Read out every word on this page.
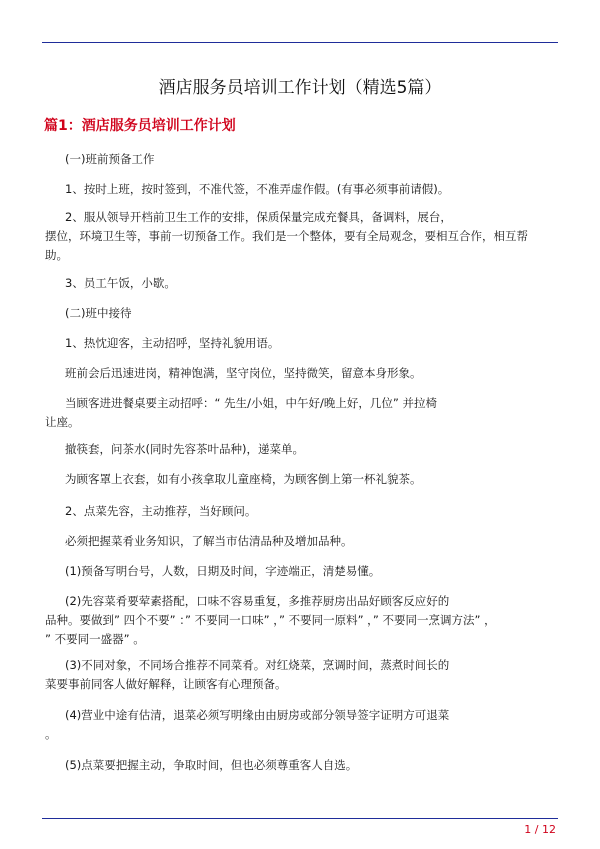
酒店服务员培训工作计划（精选5篇）
篇1：酒店服务员培训工作计划

(一)班前预备工作

1、按时上班，按时签到，不准代签，不准弄虚作假。(有事必须事前请假)。

2、服从领导开档前卫生工作的安排，保质保量完成充餐具，备调料，展台，
摆位，环境卫生等，事前一切预备工作。我们是一个整体，要有全局观念，要相互合作，相互帮
助。

3、员工午饭，小歇。

(二)班中接待

1、热忱迎客，主动招呼，坚持礼貌用语。

班前会后迅速进岗，精神饱满，坚守岗位，坚持微笑，留意本身形象。

当顾客进进餐桌要主动招呼：“ 先生/小姐，中午好/晚上好，几位” 并拉椅
让座。

撤筷套，问茶水(同时先容茶叶品种)，递菜单。

为顾客罩上衣套，如有小孩拿取儿童座椅，为顾客倒上第一杯礼貌茶。

2、点菜先容，主动推荐，当好顾问。

必须把握菜肴业务知识，了解当市估清品种及增加品种。

(1)预备写明台号，人数，日期及时间，字迹端正，清楚易懂。

(2)先容菜肴要荤素搭配，口味不容易重复，多推荐厨房出品好顾客反应好的
品种。要做到” 四个不要” ：” 不要同一口味” ，” 不要同一原料” ，” 不要同一烹调方法” ，
” 不要同一盛器” 。

(3)不同对象，不同场合推荐不同菜肴。对红烧菜，烹调时间，蒸煮时间长的
菜要事前同客人做好解释，让顾客有心理预备。

(4)营业中途有估清，退菜必须写明缘由由厨房或部分领导签字证明方可退菜
。

(5)点菜要把握主动，争取时间，但也必须尊重客人自选。

1 / 12
